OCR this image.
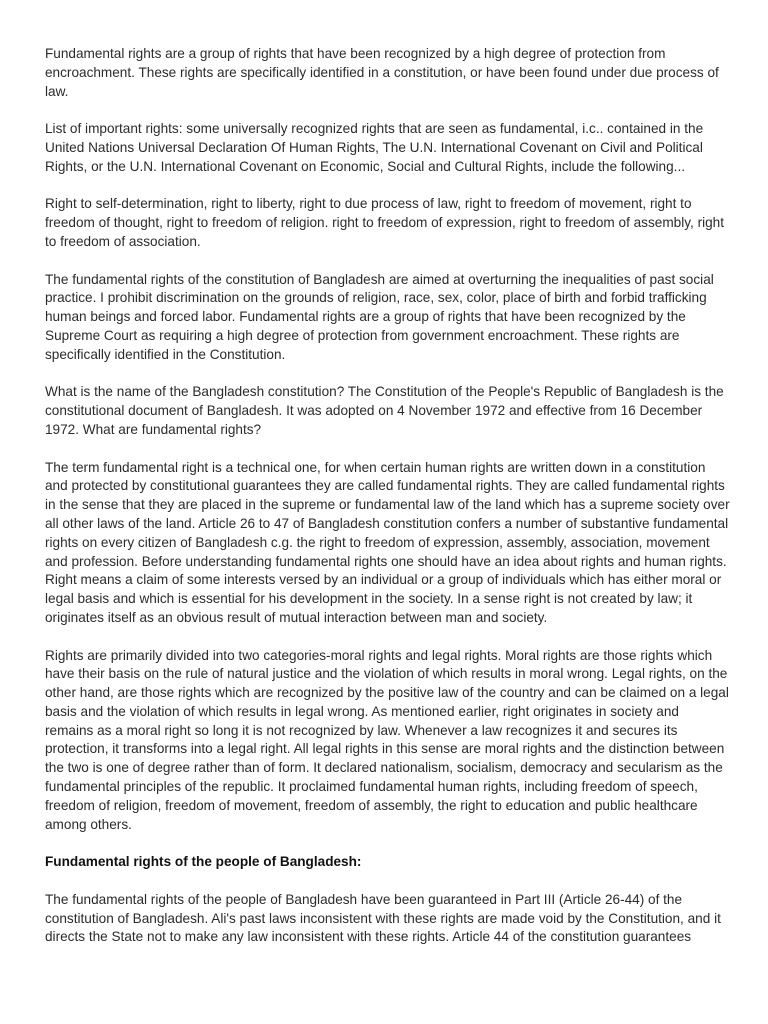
Fundamental rights are a group of rights that have been recognized by a high degree of protection from encroachment. These rights are specifically identified in a constitution, or have been found under due process of law.

List of important rights: some universally recognized rights that are seen as fundamental, i.c.. contained in the United Nations Universal Declaration Of Human Rights, The U.N. International Covenant on Civil and Political Rights, or the U.N. International Covenant on Economic, Social and Cultural Rights, include the following...

Right to self-determination, right to liberty, right to due process of law, right to freedom of movement, right to freedom of thought, right to freedom of religion. right to freedom of expression, right to freedom of assembly, right to freedom of association.

The fundamental rights of the constitution of Bangladesh are aimed at overturning the inequalities of past social practice. I prohibit discrimination on the grounds of religion, race, sex, color, place of birth and forbid trafficking human beings and forced labor. Fundamental rights are a group of rights that have been recognized by the Supreme Court as requiring a high degree of protection from government encroachment. These rights are specifically identified in the Constitution.

What is the name of the Bangladesh constitution? The Constitution of the People's Republic of Bangladesh is the constitutional document of Bangladesh. It was adopted on 4 November 1972 and effective from 16 December 1972. What are fundamental rights?

The term fundamental right is a technical one, for when certain human rights are written down in a constitution and protected by constitutional guarantees they are called fundamental rights. They are called fundamental rights in the sense that they are placed in the supreme or fundamental law of the land which has a supreme society over all other laws of the land. Article 26 to 47 of Bangladesh constitution confers a number of substantive fundamental rights on every citizen of Bangladesh c.g. the right to freedom of expression, assembly, association, movement and profession. Before understanding fundamental rights one should have an idea about rights and human rights. Right means a claim of some interests versed by an individual or a group of individuals which has either moral or legal basis and which is essential for his development in the society. In a sense right is not created by law; it originates itself as an obvious result of mutual interaction between man and society.

Rights are primarily divided into two categories-moral rights and legal rights. Moral rights are those rights which have their basis on the rule of natural justice and the violation of which results in moral wrong. Legal rights, on the other hand, are those rights which are recognized by the positive law of the country and can be claimed on a legal basis and the violation of which results in legal wrong. As mentioned earlier, right originates in society and remains as a moral right so long it is not recognized by law. Whenever a law recognizes it and secures its protection, it transforms into a legal right. All legal rights in this sense are moral rights and the distinction between the two is one of degree rather than of form. It declared nationalism, socialism, democracy and secularism as the fundamental principles of the republic. It proclaimed fundamental human rights, including freedom of speech, freedom of religion, freedom of movement, freedom of assembly, the right to education and public healthcare among others.

Fundamental rights of the people of Bangladesh:

The fundamental rights of the people of Bangladesh have been guaranteed in Part III (Article 26-44) of the constitution of Bangladesh. Ali's past laws inconsistent with these rights are made void by the Constitution, and it directs the State not to make any law inconsistent with these rights. Article 44 of the constitution guarantees
